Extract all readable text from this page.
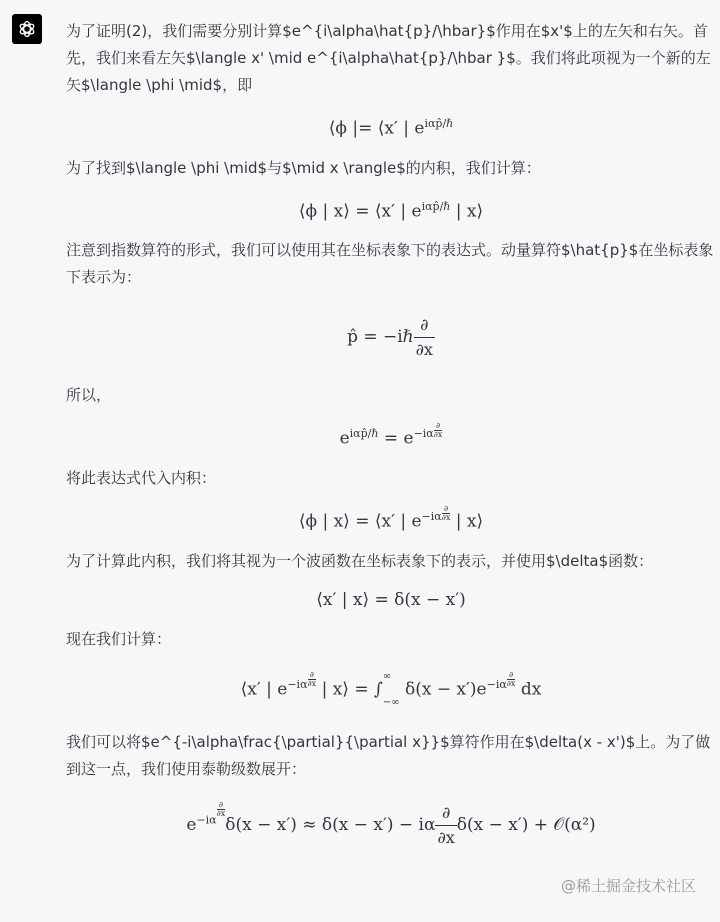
为了证明(2)，我们需要分别计算$e^{i\alpha\hat{p}/\hbar}$作用在$x'$上的左矢和右矢。首先，我们来看左矢$\langle x' \mid e^{i\alpha\hat{p}/\hbar }$。我们将此项视为一个新的左矢$\langle \phi \mid$，即

⟨ϕ |= ⟨x′ | $e^{i\alpha p̂/\hbar}$

为了找到$\langle \phi \mid$与$\mid x \rangle$的内积，我们计算：

⟨ϕ | x⟩ = ⟨x′ | $e^{i\alpha p̂/\hbar}$ | x⟩

注意到指数算符的形式，我们可以使用其在坐标表象下的表达式。动量算符$\hat{p}$在坐标表象下表示为：

p̂ = −iℏ $\frac{\partial}{\partial x}$

所以，

$e^{i\alpha p̂/\hbar} = e^{-i\alpha} \frac{\partial}{\partial x}$

将此表达式代入内积：

⟨ϕ | x⟩ = ⟨x′ | $e^{-i\alpha} \frac{\partial}{\partial x}$ | x⟩

为了计算此内积，我们将其视为一个波函数在坐标表象下的表示，并使用$\delta$函数：

⟨x′ | x⟩ = δ(x − x′)

现在我们计算：

⟨x′ | $e^{-i\alpha} \frac{\partial}{\partial x}$ | x⟩ = ∫
∞
−∞
$\delta(x - x')e^{-i\alpha} \frac{\partial}{\partial x}$ dx

我们可以将$e^{-i\alpha\frac{\partial}{\partial x}}$算符作用在$\delta(x - x')$上。为了做到这一点，我们使用泰勒级数展开：

$e^{-i\alpha}$
$\frac{\partial}{\partial x}$
δ(x − x′) ≈ δ(x − x′) − iα $\frac{\partial}{\partial x} \delta(x - x')$ + 𝒪(α²)
@稀土掘金技术社区
